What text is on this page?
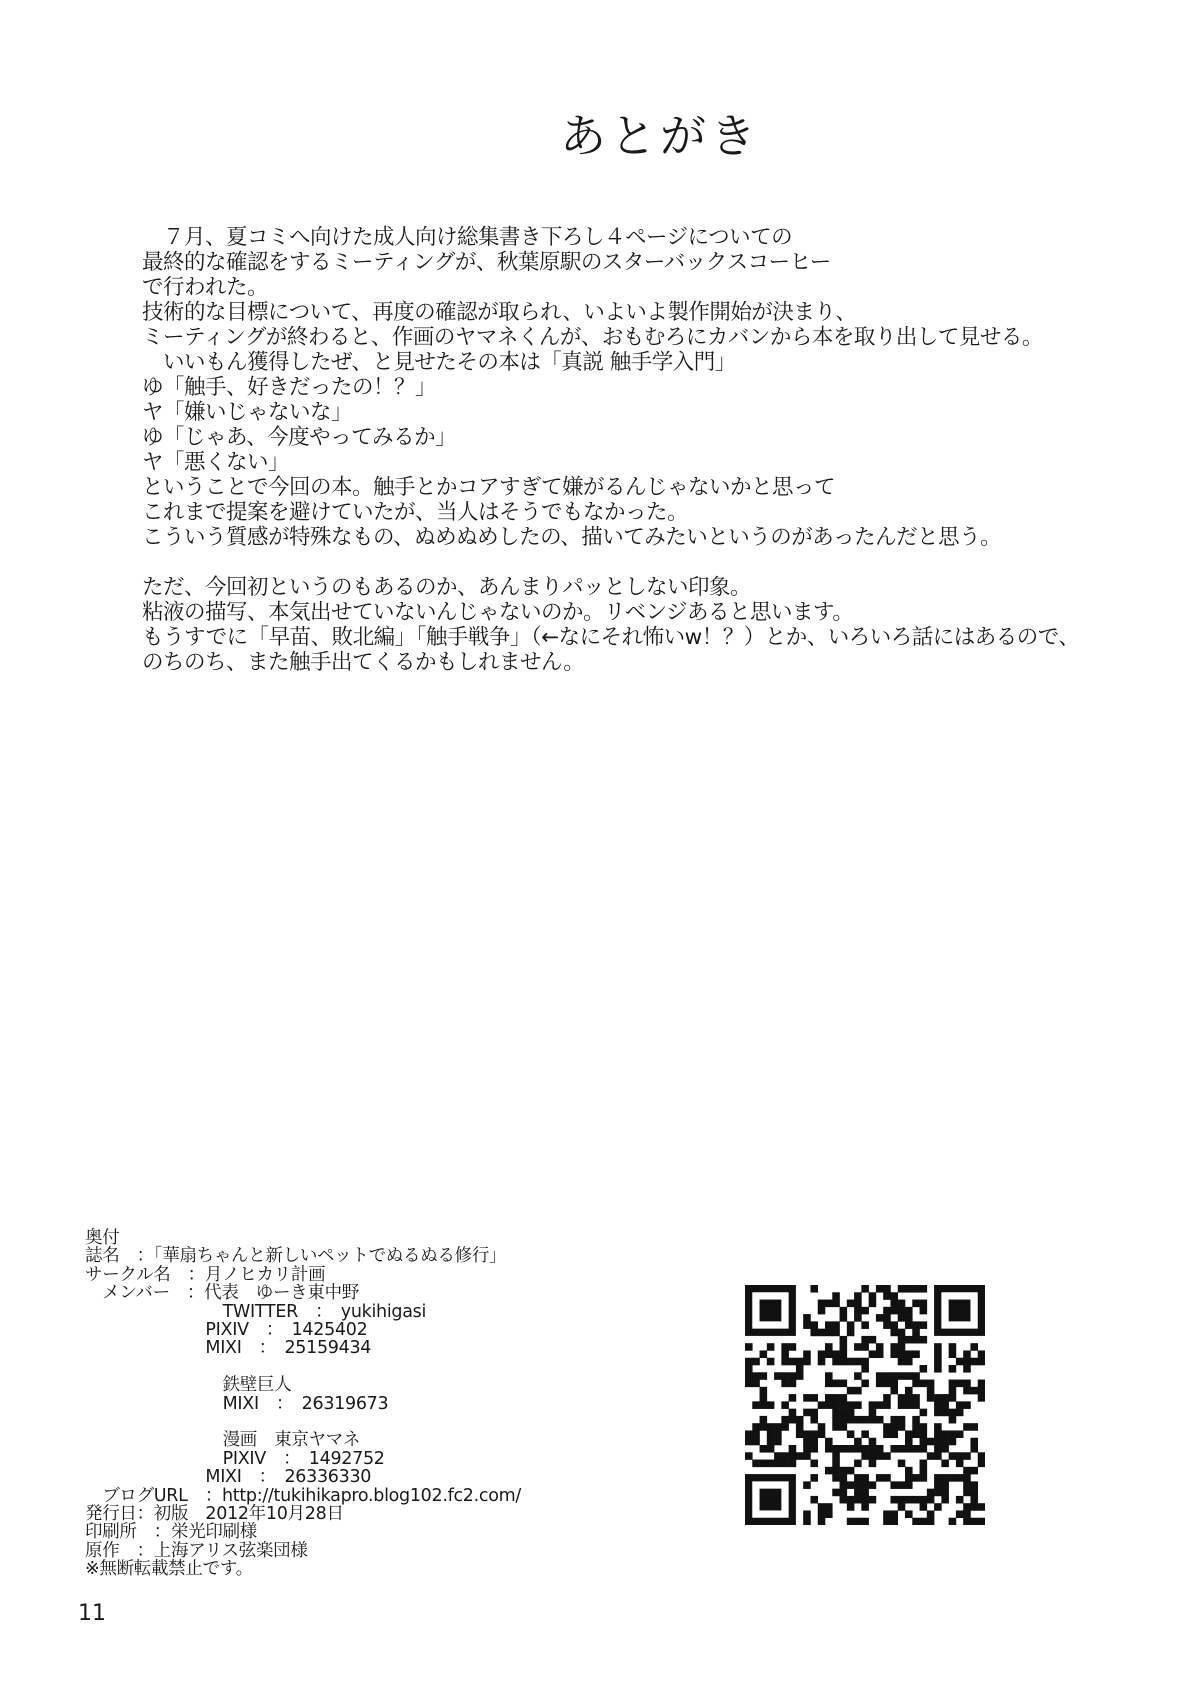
あとがき
　７月、夏コミへ向けた成人向け総集書き下ろし４ページについての
最終的な確認をするミーティングが、秋葉原駅のスターバックスコーヒー
で行われた。
技術的な目標について、再度の確認が取られ、いよいよ製作開始が決まり、
ミーティングが終わると、作画のヤマネくんが、おもむろにカバンから本を取り出して見せる。
　いいもん獲得したぜ、と見せたその本は「真説 触手学入門」
ゆ「触手、好きだったの！？」
ヤ「嫌いじゃないな」
ゆ「じゃあ、今度やってみるか」
ヤ「悪くない」
ということで今回の本。触手とかコアすぎて嫌がるんじゃないかと思って
これまで提案を避けていたが、当人はそうでもなかった。
こういう質感が特殊なもの、ぬめぬめしたの、描いてみたいというのがあったんだと思う。
ただ、今回初というのもあるのか、あんまりパッとしない印象。
粘液の描写、本気出せていないんじゃないのか。リベンジあると思います。
もうすでに「早苗、敗北編」「触手戦争」（←なにそれ怖いw！？）とか、いろいろ話にはあるので、
のちのち、また触手出てくるかもしれません。
奥付
誌名　：「華扇ちゃんと新しいペットでぬるぬる修行」
サークル名　：月ノヒカリ計画
　メンバー　：代表　ゆーき東中野
　　　　　　　　TWITTER　：　yukihigasi
　　　　　　　PIXIV　：　1425402
　　　　　　　MIXI　：　25159434
　　　　　　　　鉄壁巨人
　　　　　　　　MIXI　：　26319673
　　　　　　　　漫画　東京ヤマネ
　　　　　　　　PIXIV　：　1492752
　　　　　　　MIXI　：　26336330
　ブログURL　：http://tukihikapro.blog102.fc2.com/
発行日：初版　2012年10月28日
印刷所　：栄光印刷様
原作　：上海アリス弦楽団様
※無断転載禁止です。
11
